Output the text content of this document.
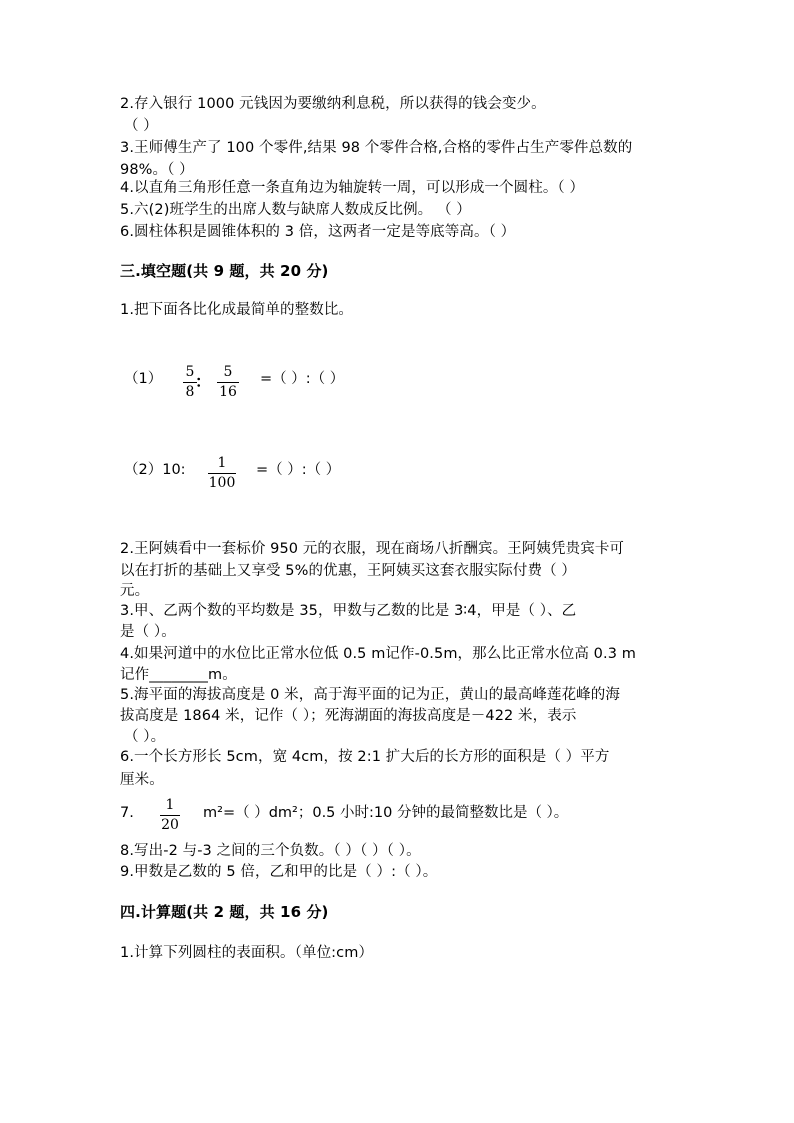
2.存入银行 1000 元钱因为要缴纳利息税，所以获得的钱会变少。
（ ）
3.王师傅生产了 100 个零件,结果 98 个零件合格,合格的零件占生产零件总数的
98%。（ ）
4.以直角三角形任意一条直角边为轴旋转一周，可以形成一个圆柱。（ ）
5.六(2)班学生的出席人数与缺席人数成反比例。 （ ）
6.圆柱体积是圆锥体积的 3 倍，这两者一定是等底等高。（ ）
三.填空题(共 9 题，共 20 分)
1.把下面各比化成最简单的整数比。
（1） 5
8
： 5
16
=（ ）:（ ）
（2）10:	1
100
=（ ）:（ ）
2.王阿姨看中一套标价 950 元的衣服，现在商场八折酬宾。王阿姨凭贵宾卡可
以在打折的基础上又享受 5%的优惠，王阿姨买这套衣服实际付费（ ）
元。
3.甲、乙两个数的平均数是 35，甲数与乙数的比是 3∶4，甲是（ ）、乙
是（ ）。
4.如果河道中的水位比正常水位低 0.5 m记作-0.5m，那么比正常水位高 0.3 m
记作________m。
5.海平面的海拔高度是 0 米，高于海平面的记为正，黄山的最高峰莲花峰的海
拔高度是 1864 米，记作（ ）；死海湖面的海拔高度是－422 米，表示
（ ）。
6.一个长方形长 5cm，宽 4cm，按 2:1 扩大后的长方形的面积是（ ）平方
厘米。
7.	1
20
m²=（ ）dm²；0.5 小时:10 分钟的最简整数比是（ ）。
8.写出-2 与-3 之间的三个负数。（ ）（ ）（ ）。
9.甲数是乙数的 5 倍，乙和甲的比是（ ）:（ ）。
四.计算题(共 2 题，共 16 分)
1.计算下列圆柱的表面积。（单位:cm）
